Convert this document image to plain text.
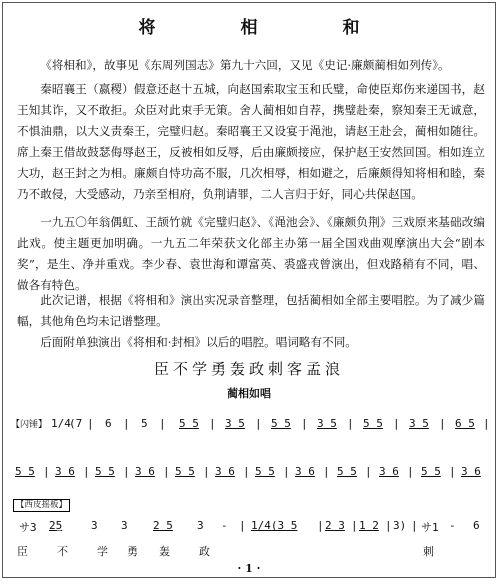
将　相　和

《将相和》，故事见《东周列国志》第九十六回，又见《史记·廉颇蔺相如列传》。

秦昭襄王（嬴稷）假意还赵十五城，向赵国索取宝玉和氏璧，命使臣郑伤来递国书，赵王知其诈，又不敢拒。众臣对此束手无策。舍人蔺相如自荐，携璧赴秦，察知秦王无诚意，不惧油鼎，以大义责秦王，完璧归赵。秦昭襄王又设宴于渑池，请赵王赴会，蔺相如随往。席上秦王借故鼓瑟侮辱赵王，反被相如反辱，后由廉颇接应，保护赵王安然回国。相如连立大功，赵王封之为相。廉颇自恃功高不服，几次相辱，相如避之，后廉颇得知将相和睦，秦乃不敢侵，大受感动，乃亲至相府，负荆请罪，二人言归于好，同心共保赵国。

一九五〇年翁偶虹、王颉竹就《完璧归赵》、《渑池会》、《廉颇负荆》三戏原来基础改编此戏。使主题更加明确。一九五二年荣获文化部主办第一届全国戏曲观摩演出大会“剧本奖”，是生、净并重戏。李少春、袁世海和谭富英、裘盛戎曾演出，但戏路稍有不同，唱、做各有特色。

此次记谱，根据《将相和》演出实况录音整理，包括蔺相如全部主要唱腔。为了减少篇幅，其他角色均未记谱整理。

后面附单独演出《将相和·封相》以后的唱腔。唱词略有不同。

臣不学勇轰政刺客孟浪
蔺相如唱
【闪锤】 1/4
(7 | 6 | 5 | 5 5 | 3 5 | 5 5 | 3 5 | 5 5 | 3 5 | 6 5 |
5 5 | 3 6 | 5 5 | 3 6 | 5 5 | 3 6 | 5 5 | 3 6 | 5 5 | 3 6 | 5 5 | 3 6
【西皮摇板】
サ3 2̣5	3 3 2 5 3 - | 1/4(3 5 | 2 3 | 1 2 | 3) | サ1 - 6
臣	不	学 勇 轰	政	刺
· 1 ·
